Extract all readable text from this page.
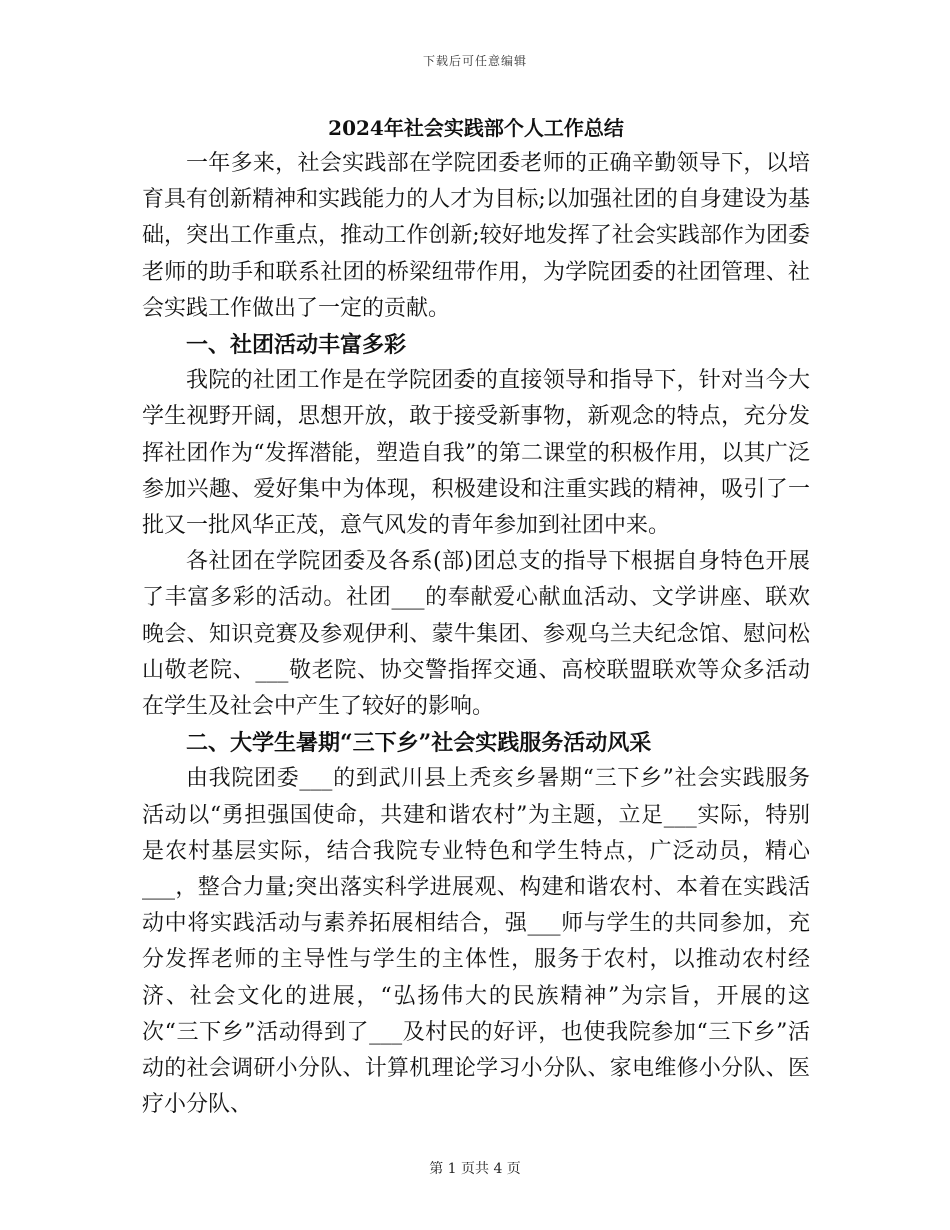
下载后可任意编辑
2024年社会实践部个人工作总结

一年多来，社会实践部在学院团委老师的正确辛勤领导下，以培育具有创新精神和实践能力的人才为目标;以加强社团的自身建设为基础，突出工作重点，推动工作创新;较好地发挥了社会实践部作为团委老师的助手和联系社团的桥梁纽带作用，为学院团委的社团管理、社会实践工作做出了一定的贡献。

一、社团活动丰富多彩

我院的社团工作是在学院团委的直接领导和指导下，针对当今大学生视野开阔，思想开放，敢于接受新事物，新观念的特点，充分发挥社团作为“发挥潜能，塑造自我”的第二课堂的积极作用，以其广泛参加兴趣、爱好集中为体现，积极建设和注重实践的精神，吸引了一批又一批风华正茂，意气风发的青年参加到社团中来。

各社团在学院团委及各系(部)团总支的指导下根据自身特色开展了丰富多彩的活动。社团___的奉献爱心献血活动、文学讲座、联欢晚会、知识竞赛及参观伊利、蒙牛集团、参观乌兰夫纪念馆、慰问松山敬老院、___敬老院、协交警指挥交通、高校联盟联欢等众多活动在学生及社会中产生了较好的影响。

二、大学生暑期“三下乡”社会实践服务活动风采

由我院团委___的到武川县上秃亥乡暑期“三下乡”社会实践服务活动以“勇担强国使命，共建和谐农村”为主题，立足___实际，特别是农村基层实际，结合我院专业特色和学生特点，广泛动员，精心___，整合力量;突出落实科学进展观、构建和谐农村、本着在实践活动中将实践活动与素养拓展相结合，强___师与学生的共同参加，充分发挥老师的主导性与学生的主体性，服务于农村，以推动农村经济、社会文化的进展，“弘扬伟大的民族精神”为宗旨，开展的这次“三下乡”活动得到了___及村民的好评，也使我院参加“三下乡”活动的社会调研小分队、计算机理论学习小分队、家电维修小分队、医疗小分队、

第 1 页共 4 页
